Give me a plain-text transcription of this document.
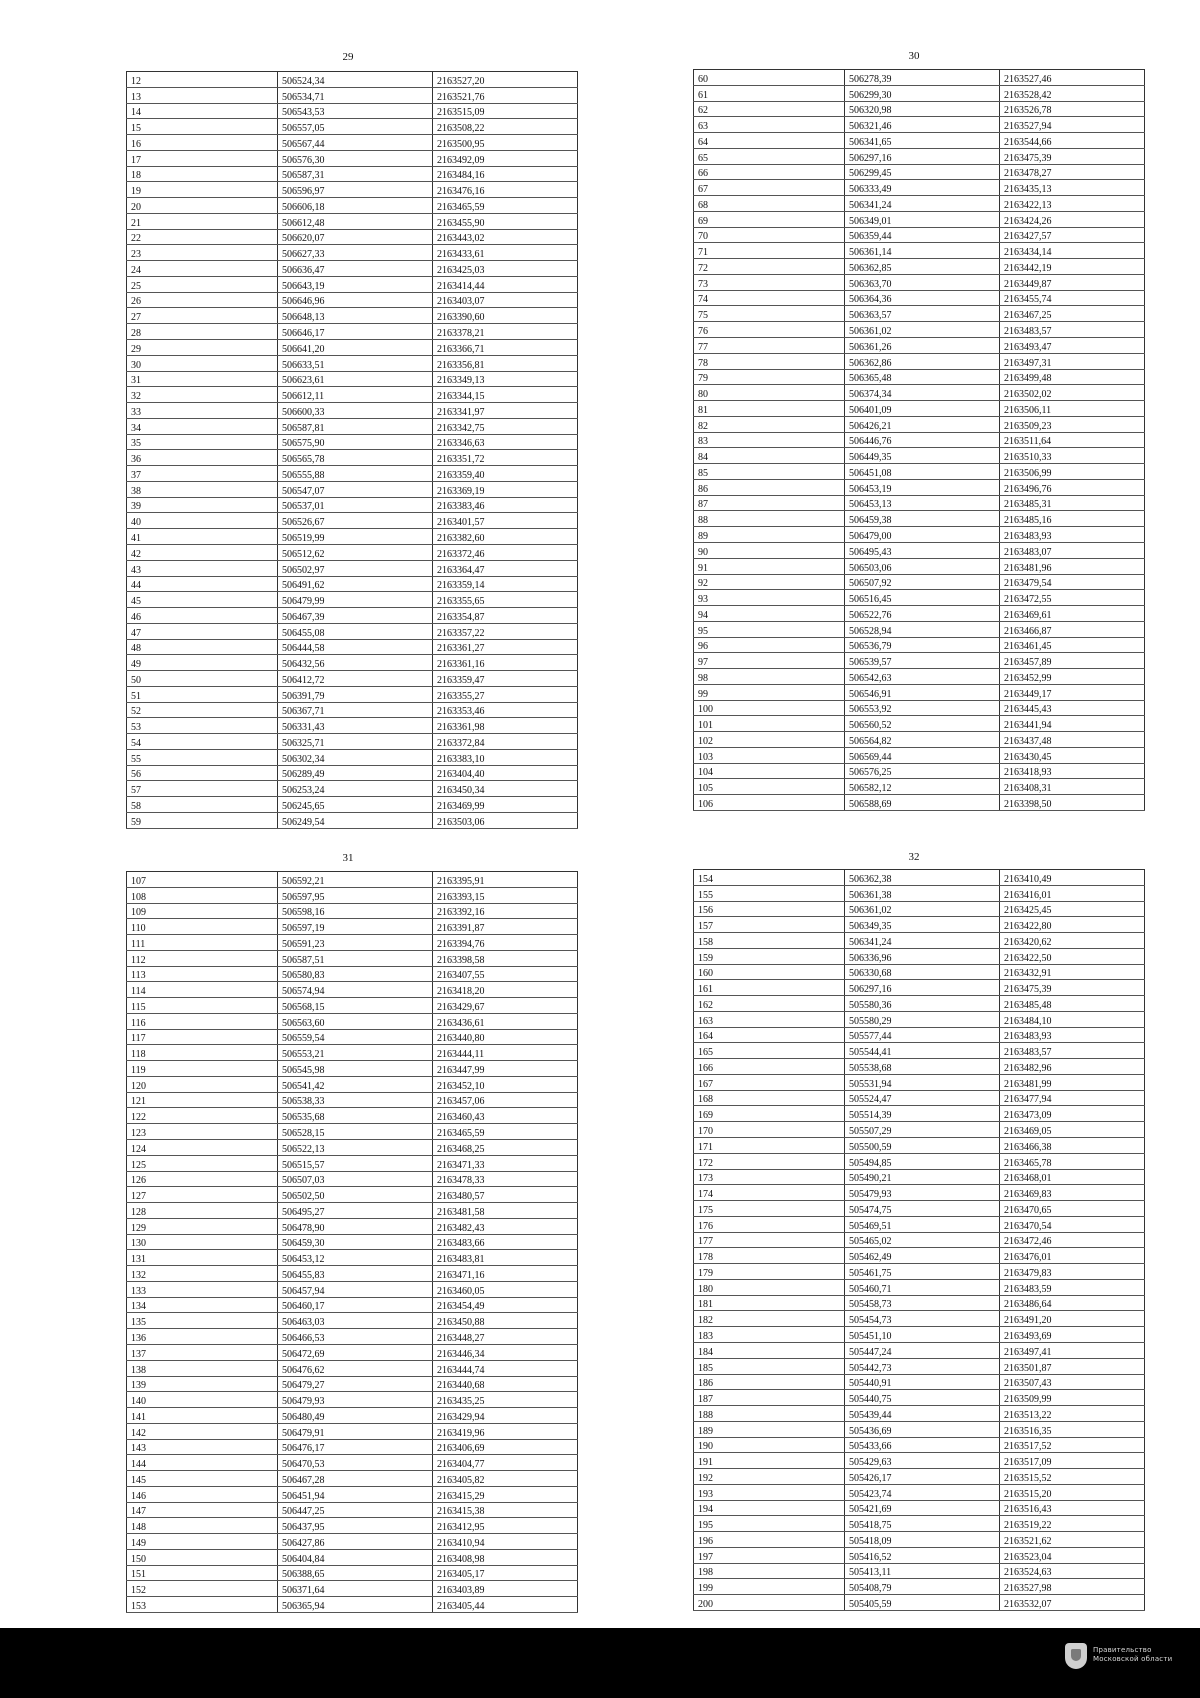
29
12	506524,34	2163527,20
13	506534,71	2163521,76
14	506543,53	2163515,09
15	506557,05	2163508,22
16	506567,44	2163500,95
17	506576,30	2163492,09
18	506587,31	2163484,16
19	506596,97	2163476,16
20	506606,18	2163465,59
21	506612,48	2163455,90
22	506620,07	2163443,02
23	506627,33	2163433,61
24	506636,47	2163425,03
25	506643,19	2163414,44
26	506646,96	2163403,07
27	506648,13	2163390,60
28	506646,17	2163378,21
29	506641,20	2163366,71
30	506633,51	2163356,81
31	506623,61	2163349,13
32	506612,11	2163344,15
33	506600,33	2163341,97
34	506587,81	2163342,75
35	506575,90	2163346,63
36	506565,78	2163351,72
37	506555,88	2163359,40
38	506547,07	2163369,19
39	506537,01	2163383,46
40	506526,67	2163401,57
41	506519,99	2163382,60
42	506512,62	2163372,46
43	506502,97	2163364,47
44	506491,62	2163359,14
45	506479,99	2163355,65
46	506467,39	2163354,87
47	506455,08	2163357,22
48	506444,58	2163361,27
49	506432,56	2163361,16
50	506412,72	2163359,47
51	506391,79	2163355,27
52	506367,71	2163353,46
53	506331,43	2163361,98
54	506325,71	2163372,84
55	506302,34	2163383,10
56	506289,49	2163404,40
57	506253,24	2163450,34
58	506245,65	2163469,99
59	506249,54	2163503,06
30
60	506278,39	2163527,46
61	506299,30	2163528,42
62	506320,98	2163526,78
63	506321,46	2163527,94
64	506341,65	2163544,66
65	506297,16	2163475,39
66	506299,45	2163478,27
67	506333,49	2163435,13
68	506341,24	2163422,13
69	506349,01	2163424,26
70	506359,44	2163427,57
71	506361,14	2163434,14
72	506362,85	2163442,19
73	506363,70	2163449,87
74	506364,36	2163455,74
75	506363,57	2163467,25
76	506361,02	2163483,57
77	506361,26	2163493,47
78	506362,86	2163497,31
79	506365,48	2163499,48
80	506374,34	2163502,02
81	506401,09	2163506,11
82	506426,21	2163509,23
83	506446,76	2163511,64
84	506449,35	2163510,33
85	506451,08	2163506,99
86	506453,19	2163496,76
87	506453,13	2163485,31
88	506459,38	2163485,16
89	506479,00	2163483,93
90	506495,43	2163483,07
91	506503,06	2163481,96
92	506507,92	2163479,54
93	506516,45	2163472,55
94	506522,76	2163469,61
95	506528,94	2163466,87
96	506536,79	2163461,45
97	506539,57	2163457,89
98	506542,63	2163452,99
99	506546,91	2163449,17
100	506553,92	2163445,43
101	506560,52	2163441,94
102	506564,82	2163437,48
103	506569,44	2163430,45
104	506576,25	2163418,93
105	506582,12	2163408,31
106	506588,69	2163398,50
31
107	506592,21	2163395,91
108	506597,95	2163393,15
109	506598,16	2163392,16
110	506597,19	2163391,87
111	506591,23	2163394,76
112	506587,51	2163398,58
113	506580,83	2163407,55
114	506574,94	2163418,20
115	506568,15	2163429,67
116	506563,60	2163436,61
117	506559,54	2163440,80
118	506553,21	2163444,11
119	506545,98	2163447,99
120	506541,42	2163452,10
121	506538,33	2163457,06
122	506535,68	2163460,43
123	506528,15	2163465,59
124	506522,13	2163468,25
125	506515,57	2163471,33
126	506507,03	2163478,33
127	506502,50	2163480,57
128	506495,27	2163481,58
129	506478,90	2163482,43
130	506459,30	2163483,66
131	506453,12	2163483,81
132	506455,83	2163471,16
133	506457,94	2163460,05
134	506460,17	2163454,49
135	506463,03	2163450,88
136	506466,53	2163448,27
137	506472,69	2163446,34
138	506476,62	2163444,74
139	506479,27	2163440,68
140	506479,93	2163435,25
141	506480,49	2163429,94
142	506479,91	2163419,96
143	506476,17	2163406,69
144	506470,53	2163404,77
145	506467,28	2163405,82
146	506451,94	2163415,29
147	506447,25	2163415,38
148	506437,95	2163412,95
149	506427,86	2163410,94
150	506404,84	2163408,98
151	506388,65	2163405,17
152	506371,64	2163403,89
153	506365,94	2163405,44
32
154	506362,38	2163410,49
155	506361,38	2163416,01
156	506361,02	2163425,45
157	506349,35	2163422,80
158	506341,24	2163420,62
159	506336,96	2163422,50
160	506330,68	2163432,91
161	506297,16	2163475,39
162	505580,36	2163485,48
163	505580,29	2163484,10
164	505577,44	2163483,93
165	505544,41	2163483,57
166	505538,68	2163482,96
167	505531,94	2163481,99
168	505524,47	2163477,94
169	505514,39	2163473,09
170	505507,29	2163469,05
171	505500,59	2163466,38
172	505494,85	2163465,78
173	505490,21	2163468,01
174	505479,93	2163469,83
175	505474,75	2163470,65
176	505469,51	2163470,54
177	505465,02	2163472,46
178	505462,49	2163476,01
179	505461,75	2163479,83
180	505460,71	2163483,59
181	505458,73	2163486,64
182	505454,73	2163491,20
183	505451,10	2163493,69
184	505447,24	2163497,41
185	505442,73	2163501,87
186	505440,91	2163507,43
187	505440,75	2163509,99
188	505439,44	2163513,22
189	505436,69	2163516,35
190	505433,66	2163517,52
191	505429,63	2163517,09
192	505426,17	2163515,52
193	505423,74	2163515,20
194	505421,69	2163516,43
195	505418,75	2163519,22
196	505418,09	2163521,62
197	505416,52	2163523,04
198	505413,11	2163524,63
199	505408,79	2163527,98
200	505405,59	2163532,07
Правительство
Московской области
